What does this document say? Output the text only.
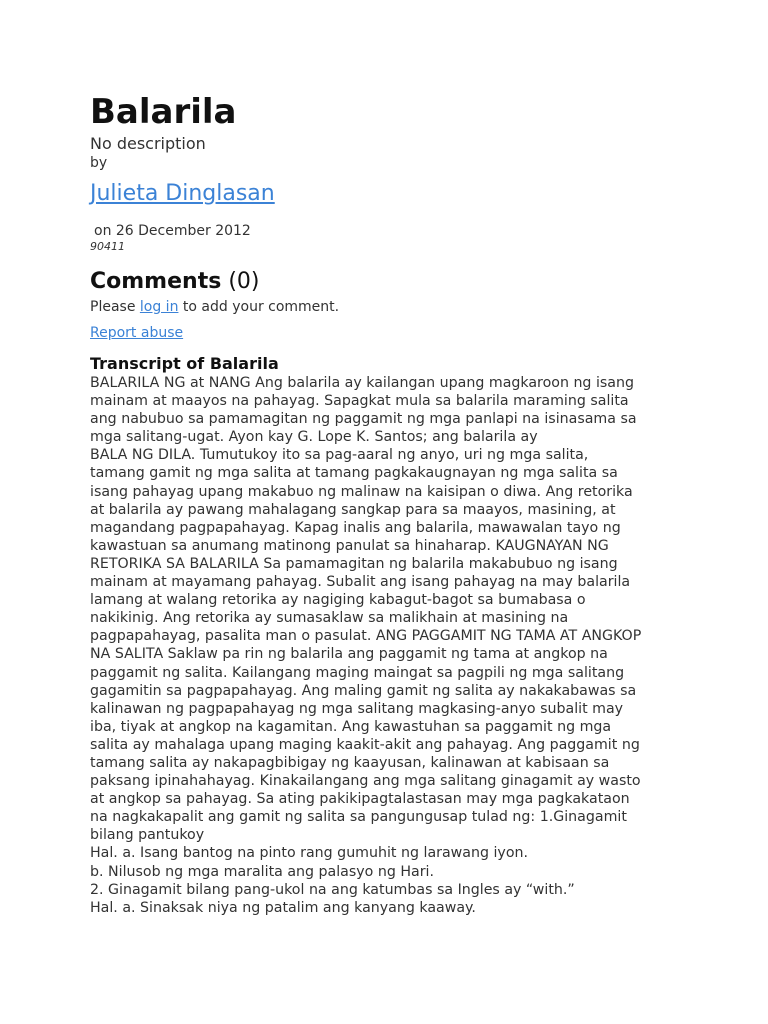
Balarila
No description
by
Julieta Dinglasan
on 26 December 2012
90411
Comments (0)
Please log in to add your comment.
Report abuse
Transcript of Balarila
BALARILA NG at NANG Ang balarila ay kailangan upang magkaroon ng isang
mainam at maayos na pahayag. Sapagkat mula sa balarila maraming salita
ang nabubuo sa pamamagitan ng paggamit ng mga panlapi na isinasama sa
mga salitang-ugat. Ayon kay G. Lope K. Santos; ang balarila ay
BALA NG DILA. Tumutukoy ito sa pag-aaral ng anyo, uri ng mga salita,
tamang gamit ng mga salita at tamang pagkakaugnayan ng mga salita sa
isang pahayag upang makabuo ng malinaw na kaisipan o diwa. Ang retorika
at balarila ay pawang mahalagang sangkap para sa maayos, masining, at
magandang pagpapahayag. Kapag inalis ang balarila, mawawalan tayo ng
kawastuan sa anumang matinong panulat sa hinaharap. KAUGNAYAN NG
RETORIKA SA BALARILA Sa pamamagitan ng balarila makabubuo ng isang
mainam at mayamang pahayag. Subalit ang isang pahayag na may balarila
lamang at walang retorika ay nagiging kabagut-bagot sa bumabasa o
nakikinig. Ang retorika ay sumasaklaw sa malikhain at masining na
pagpapahayag, pasalita man o pasulat. ANG PAGGAMIT NG TAMA AT ANGKOP
NA SALITA Saklaw pa rin ng balarila ang paggamit ng tama at angkop na
paggamit ng salita. Kailangang maging maingat sa pagpili ng mga salitang
gagamitin sa pagpapahayag. Ang maling gamit ng salita ay nakakabawas sa
kalinawan ng pagpapahayag ng mga salitang magkasing-anyo subalit may
iba, tiyak at angkop na kagamitan. Ang kawastuhan sa paggamit ng mga
salita ay mahalaga upang maging kaakit-akit ang pahayag. Ang paggamit ng
tamang salita ay nakapagbibigay ng kaayusan, kalinawan at kabisaan sa
paksang ipinahahayag. Kinakailangang ang mga salitang ginagamit ay wasto
at angkop sa pahayag. Sa ating pakikipagtalastasan may mga pagkakataon
na nagkakapalit ang gamit ng salita sa pangungusap tulad ng: 1.Ginagamit
bilang pantukoy
Hal. a. Isang bantog na pinto rang gumuhit ng larawang iyon.
b. Nilusob ng mga maralita ang palasyo ng Hari.
2. Ginagamit bilang pang-ukol na ang katumbas sa Ingles ay “with.”
Hal. a. Sinaksak niya ng patalim ang kanyang kaaway.
